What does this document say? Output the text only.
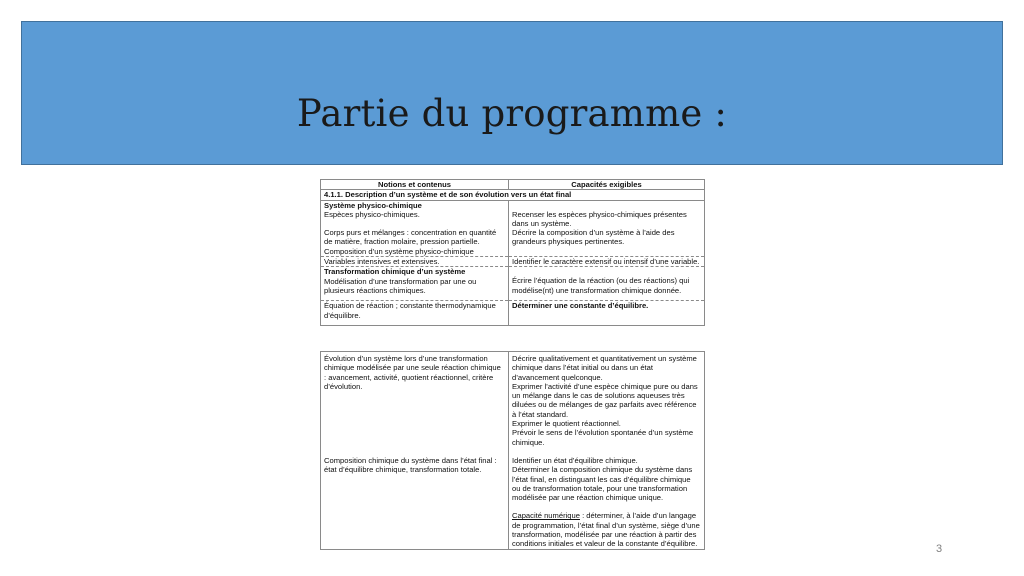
Partie du programme :
Notions et contenus	Capacités exigibles
4.1.1. Description d’un système et de son évolution vers un état final	

Système physico-chimique
Espèces physico-chimiques.
Corps purs et mélanges : concentration en quantité de matière, fraction molaire, pression partielle.
Composition d’un système physico-chimique	Recenser les espèces physico-chimiques présentes dans un système.
Décrire la composition d’un système à l’aide des grandeurs physiques pertinentes.

Variables intensives et extensives.	Identifier le caractère extensif ou intensif d’une variable.

Transformation chimique d’un système
Modélisation d’une transformation par une ou plusieurs réactions chimiques.	Écrire l’équation de la réaction (ou des réactions) qui modélise(nt) une transformation chimique donnée.

Équation de réaction ; constante thermodynamique d’équilibre.	Déterminer une constante d’équilibre.
Évolution d’un système lors d’une transformation chimique modélisée par une seule réaction chimique : avancement, activité, quotient réactionnel, critère d’évolution.	Décrire qualitativement et quantitativement un système chimique dans l’état initial ou dans un état d’avancement quelconque.
Exprimer l’activité d’une espèce chimique pure ou dans un mélange dans le cas de solutions aqueuses très diluées ou de mélanges de gaz parfaits avec référence à l’état standard.
Exprimer le quotient réactionnel.
Prévoir le sens de l’évolution spontanée d’un système chimique.

Composition chimique du système dans l’état final : état d’équilibre chimique, transformation totale.	Identifier un état d’équilibre chimique.
Déterminer la composition chimique du système dans l’état final, en distinguant les cas d’équilibre chimique ou de transformation totale, pour une transformation modélisée par une réaction chimique unique.
Capacité numérique : déterminer, à l’aide d’un langage de programmation, l’état final d’un système, siège d’une transformation, modélisée par une réaction à partir des conditions initiales et valeur de la constante d’équilibre.	3
